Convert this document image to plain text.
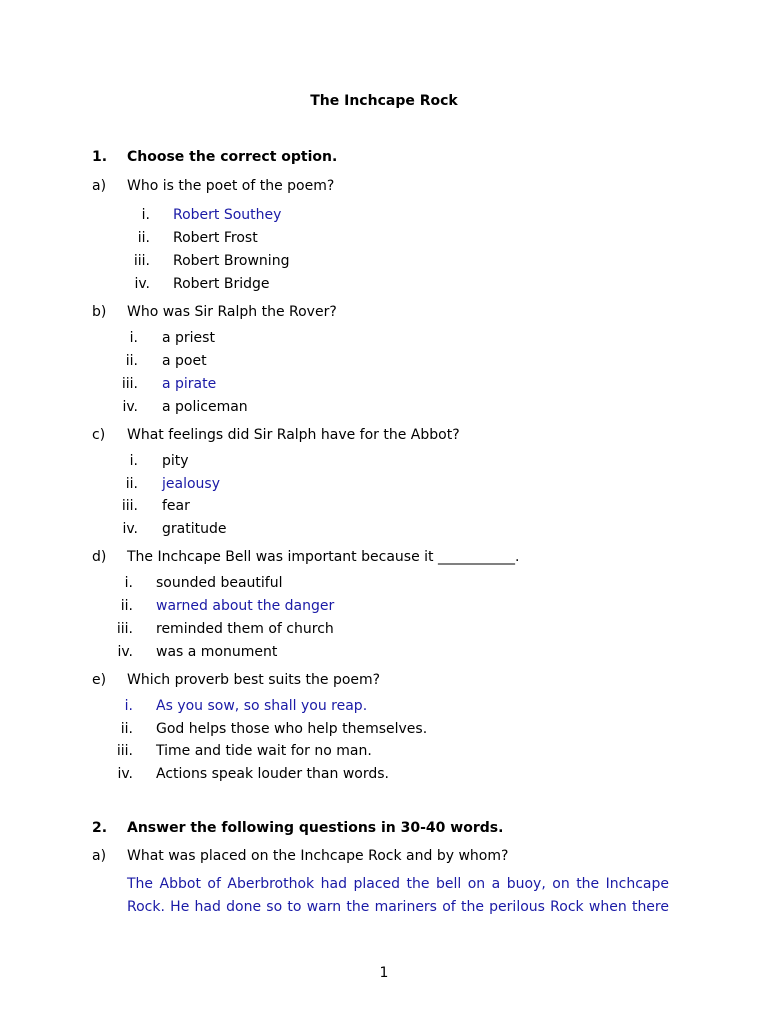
The Inchcape Rock
1. Choose the correct option.
a) Who is the poet of the poem?
i. Robert Southey
ii. Robert Frost
iii. Robert Browning
iv. Robert Bridge
b) Who was Sir Ralph the Rover?
i. a priest
ii. a poet
iii. a pirate
iv. a policeman
c) What feelings did Sir Ralph have for the Abbot?
i. pity
ii. jealousy
iii. fear
iv. gratitude
d) The Inchcape Bell was important because it ___________.
i. sounded beautiful
ii. warned about the danger
iii. reminded them of church
iv. was a monument
e) Which proverb best suits the poem?
i. As you sow, so shall you reap.
ii. God helps those who help themselves.
iii. Time and tide wait for no man.
iv. Actions speak louder than words.
2. Answer the following questions in 30-40 words.
a) What was placed on the Inchcape Rock and by whom?
The Abbot of Aberbrothok had placed the bell on a buoy, on the Inchcape
Rock. He had done so to warn the mariners of the perilous Rock when there
1
